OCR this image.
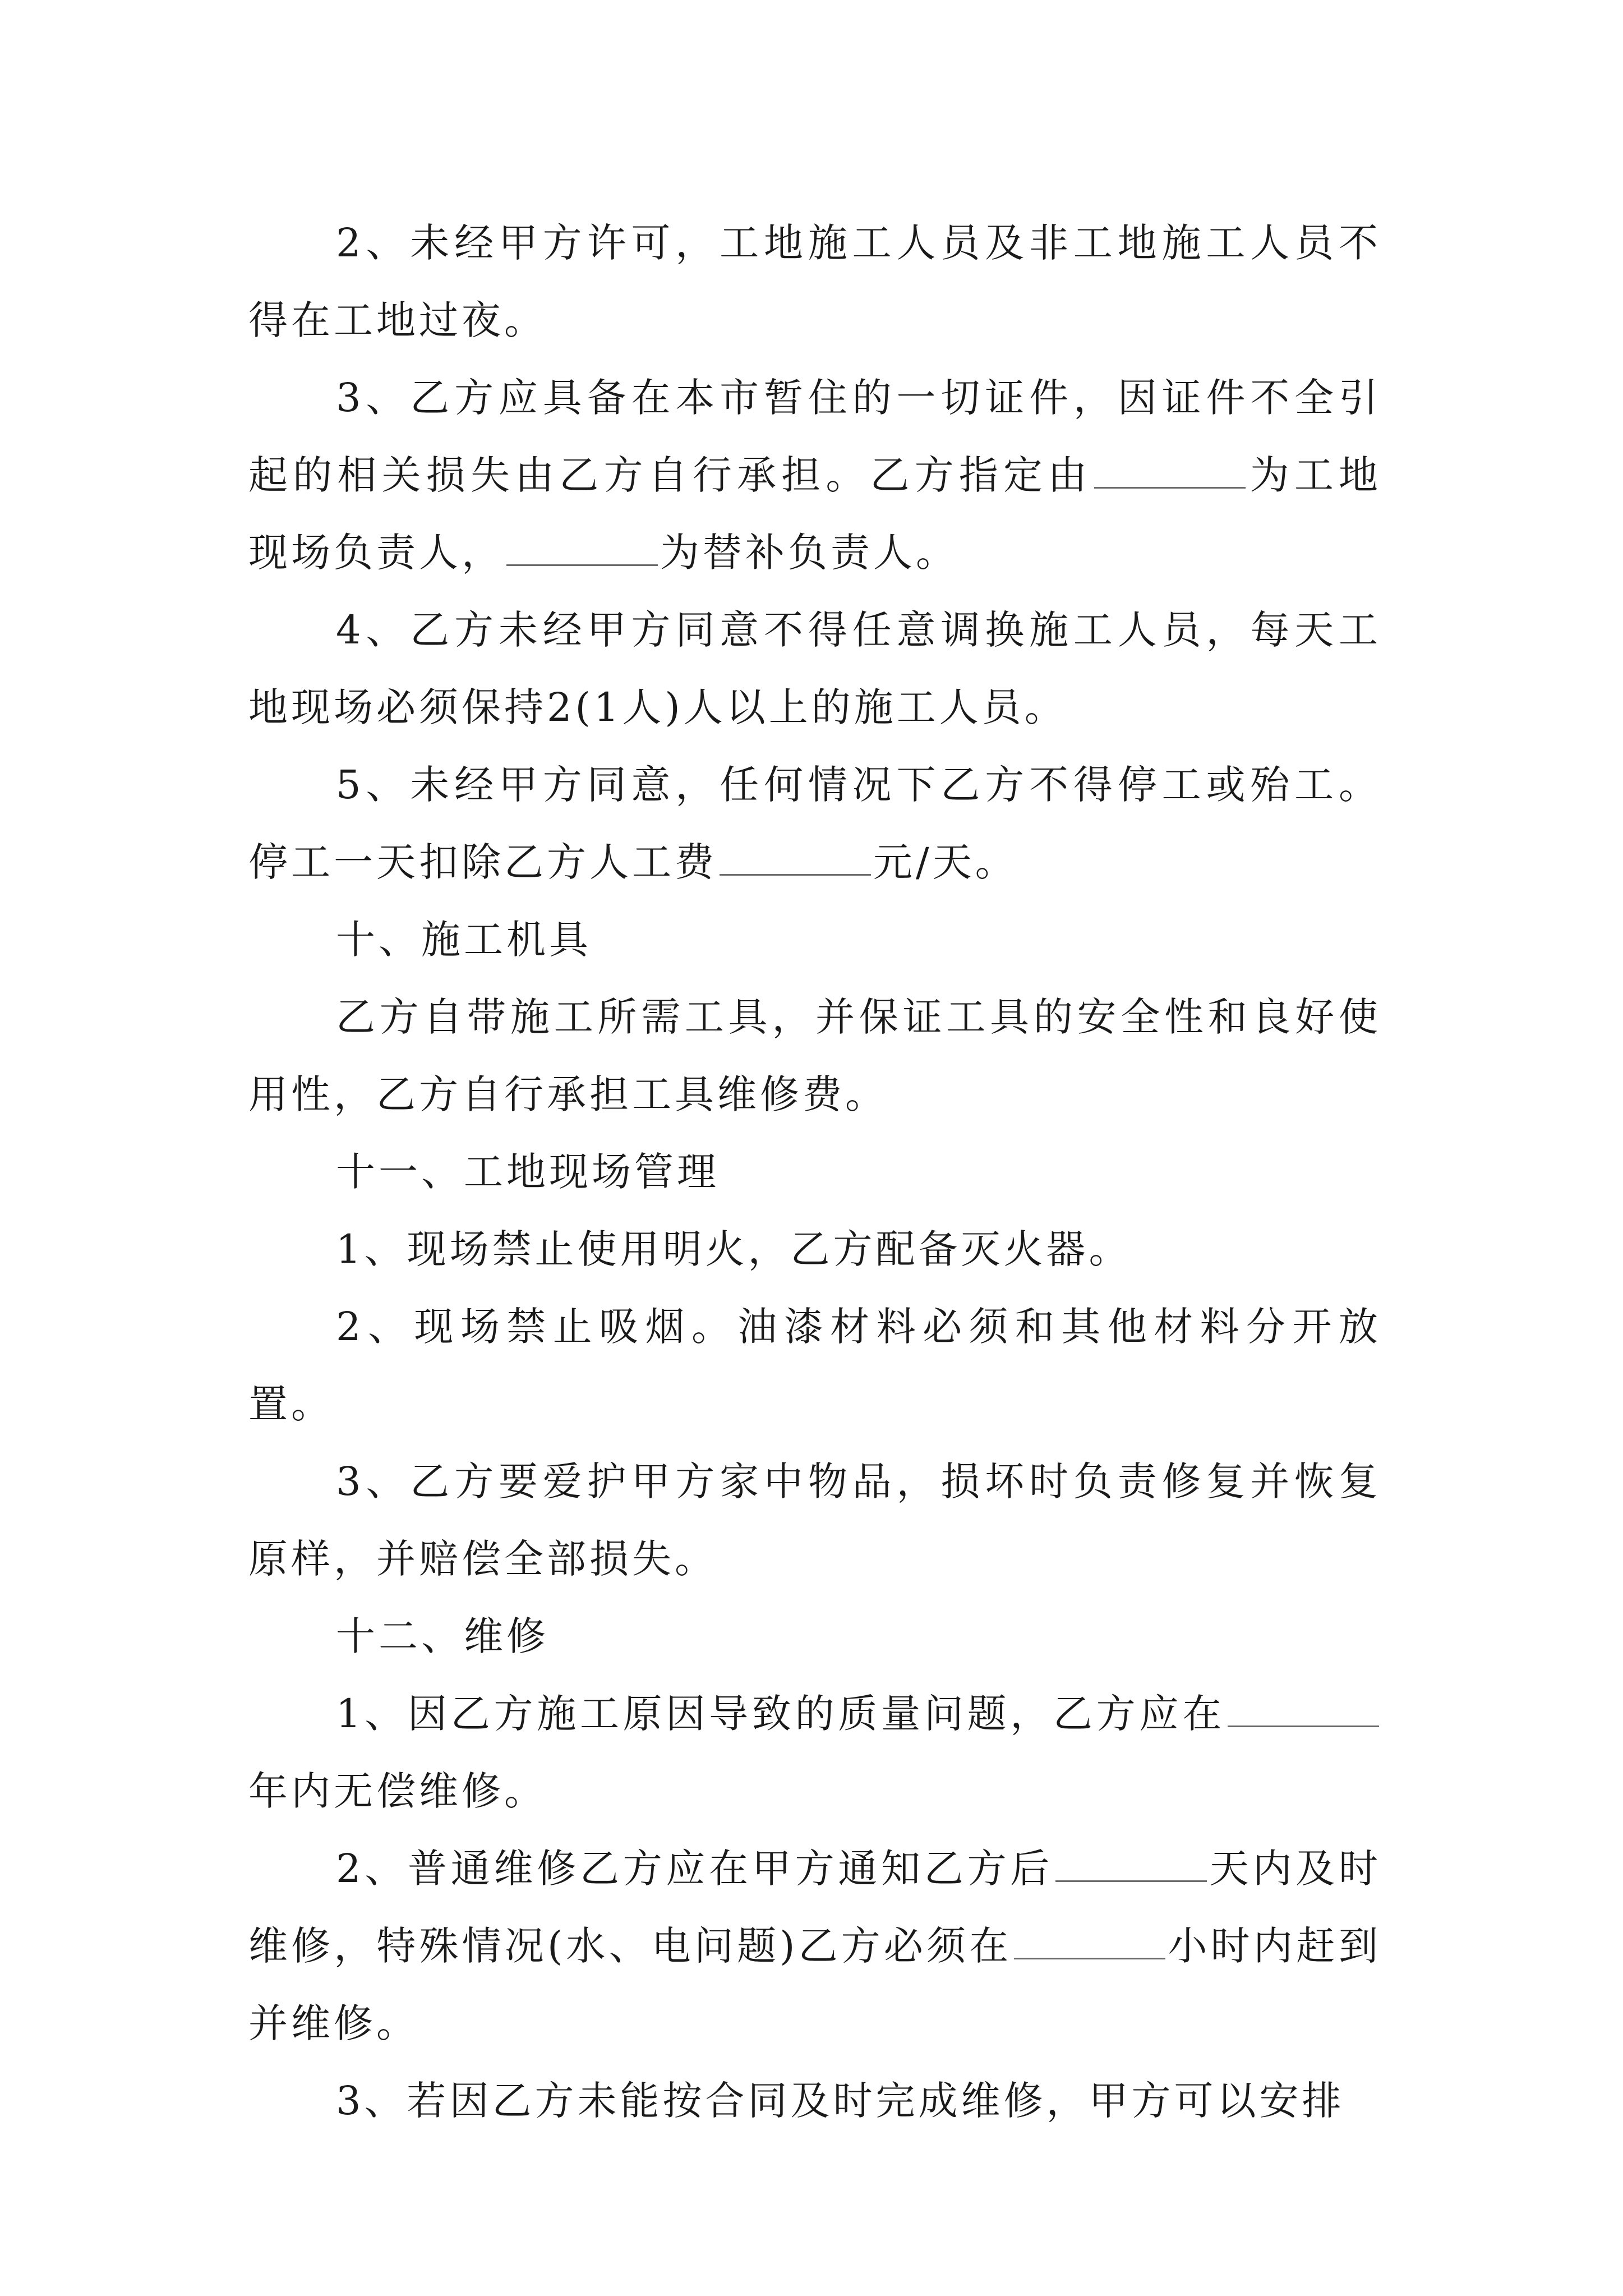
2、未经甲方许可，工地施工人员及非工地施工人员不得在工地过夜。

3、乙方应具备在本市暂住的一切证件，因证件不全引起的相关损失由乙方自行承担。乙方指定由	为工地现场负责人，	为替补负责人。

4、乙方未经甲方同意不得任意调换施工人员，每天工地现场必须保持2(1人)人以上的施工人员。

5、未经甲方同意，任何情况下乙方不得停工或殆工。停工一天扣除乙方人工费	元/天。

十、施工机具

乙方自带施工所需工具，并保证工具的安全性和良好使用性，乙方自行承担工具维修费。

十一、工地现场管理

1、现场禁止使用明火，乙方配备灭火器。

2、现场禁止吸烟。油漆材料必须和其他材料分开放置。

3、乙方要爱护甲方家中物品，损坏时负责修复并恢复原样，并赔偿全部损失。

十二、维修

1、因乙方施工原因导致的质量问题，乙方应在年内无偿维修。

2、普通维修乙方应在甲方通知乙方后	天内及时维修，特殊情况(水、电问题)乙方必须在	小时内赶到并维修。

3、若因乙方未能按合同及时完成维修，甲方可以安排
